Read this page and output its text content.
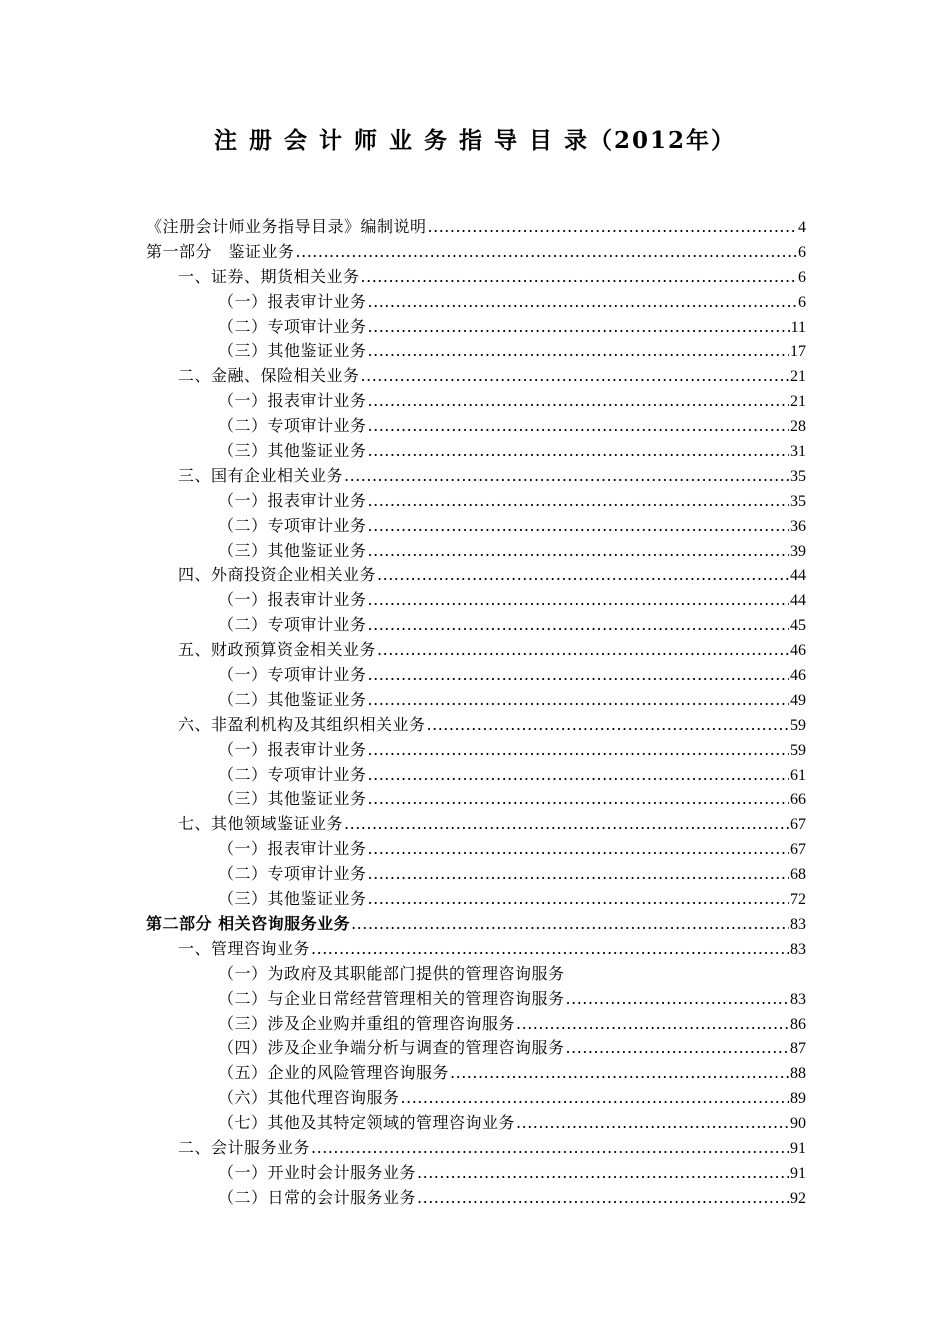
注 册 会 计 师 业 务 指 导 目 录（2012年）
《注册会计师业务指导目录》编制说明 .....	4
第一部分　鉴证业务 .....	6
一、证券、期货相关业务 .....	6
（一）报表审计业务 .....	6
（二）专项审计业务 .....	11
（三）其他鉴证业务 .....	17
二、金融、保险相关业务 .....	21
（一）报表审计业务 .....	21
（二）专项审计业务 .....	28
（三）其他鉴证业务 .....	31
三、国有企业相关业务 .....	35
（一）报表审计业务 .....	35
（二）专项审计业务 .....	36
（三）其他鉴证业务 .....	39
四、外商投资企业相关业务 .....	44
（一）报表审计业务 .....	44
（二）专项审计业务 .....	45
五、财政预算资金相关业务 .....	46
（一）专项审计业务 .....	46
（二）其他鉴证业务 .....	49
六、非盈利机构及其组织相关业务 .....	59
（一）报表审计业务 .....	59
（二）专项审计业务 .....	61
（三）其他鉴证业务 .....	66
七、其他领域鉴证业务 .....	67
（一）报表审计业务 .....	67
（二）专项审计业务 .....	68
（三）其他鉴证业务 .....	72
第二部分 相关咨询服务业务 .....	83
一、管理咨询业务 .....	83
（一）为政府及其职能部门提供的管理咨询服务
（二）与企业日常经营管理相关的管理咨询服务 .....	83
（三）涉及企业购并重组的管理咨询服务 .....	86
（四）涉及企业争端分析与调查的管理咨询服务 .....	87
（五）企业的风险管理咨询服务 .....	88
（六）其他代理咨询服务 .....	89
（七）其他及其特定领域的管理咨询业务 .....	90
二、会计服务业务 .....	91
（一）开业时会计服务业务 .....	91
（二）日常的会计服务业务 .....	92
